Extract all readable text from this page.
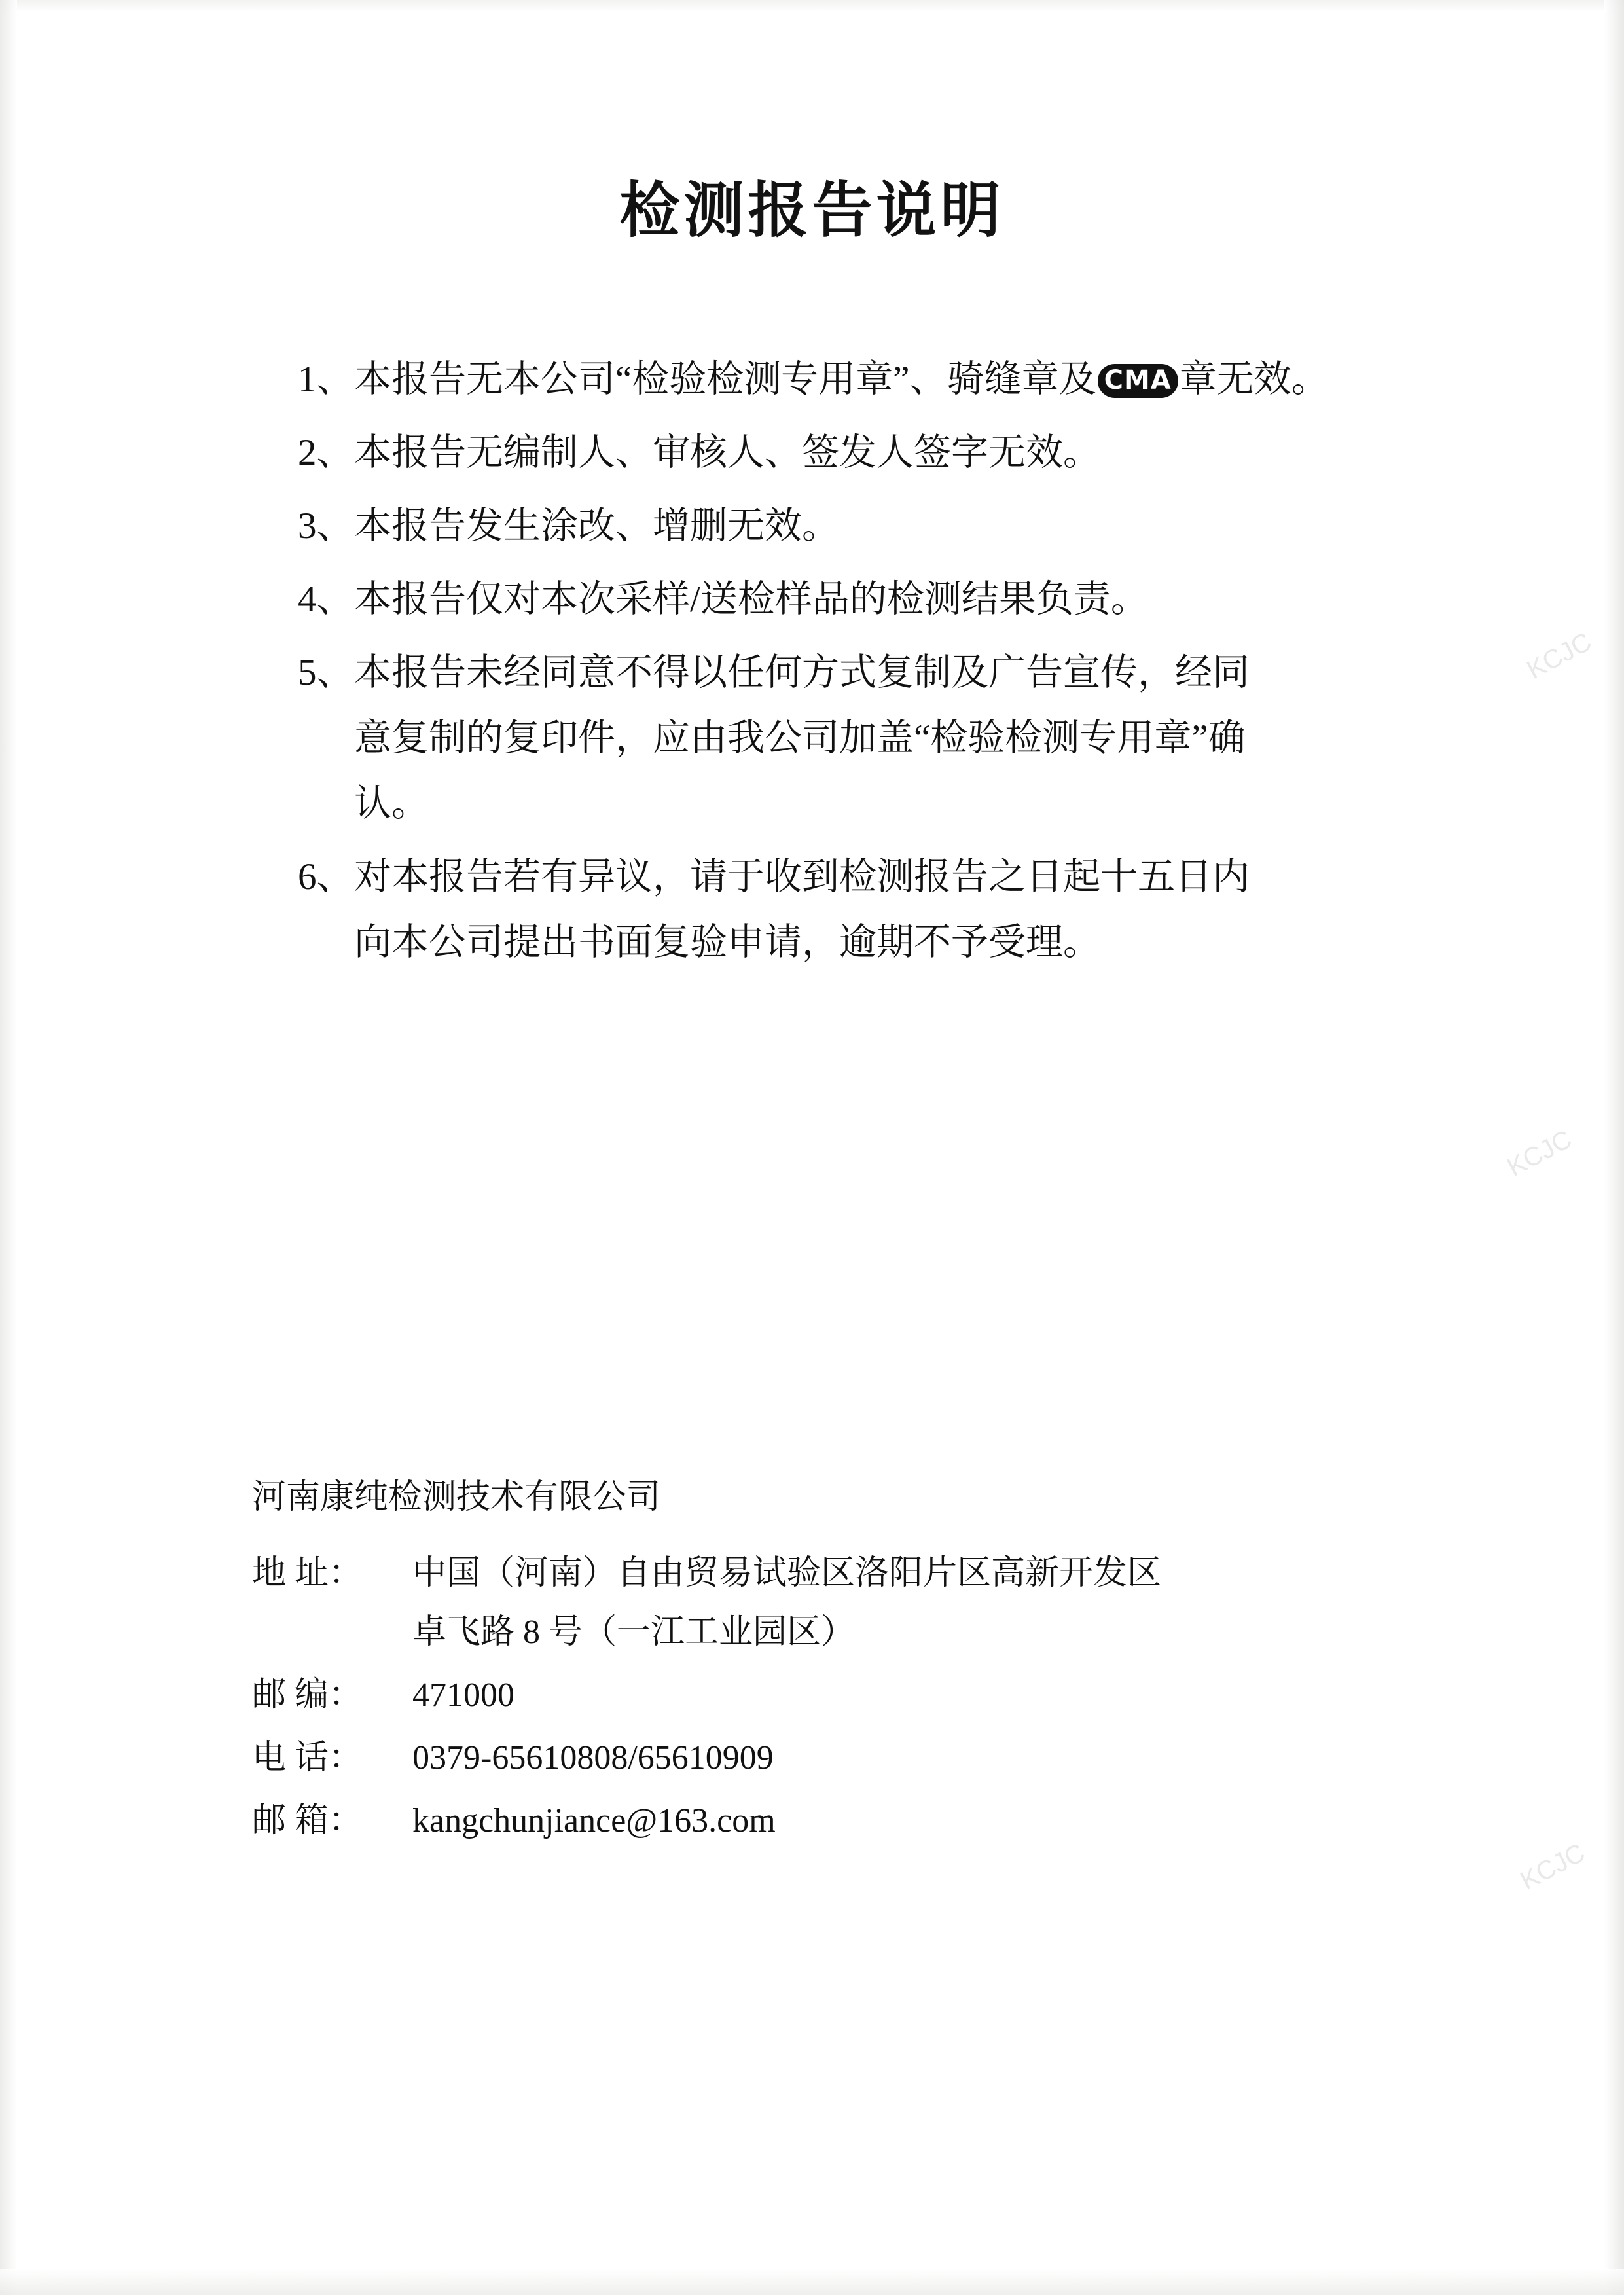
KCJC
KCJC
KCJC
检测报告说明
1、 本报告无本公司“检验检测专用章”、骑缝章及 CMA 章无效。
2、 本报告无编制人、审核人、签发人签字无效。
3、 本报告发生涂改、增删无效。
4、 本报告仅对本次采样/送检样品的检测结果负责。
5、 本报告未经同意不得以任何方式复制及广告宣传，经同
意复制的复印件，应由我公司加盖“检验检测专用章”确
认。
6、 对本报告若有异议，请于收到检测报告之日起十五日内
向本公司提出书面复验申请，逾期不予受理。
河南康纯检测技术有限公司
地 址：	中国（河南）自由贸易试验区洛阳片区高新开发区
卓飞路 8 号（一江工业园区）
邮 编：	471000
电 话：	0379-65610808/65610909
邮 箱：	kangchunjiance@163.com
